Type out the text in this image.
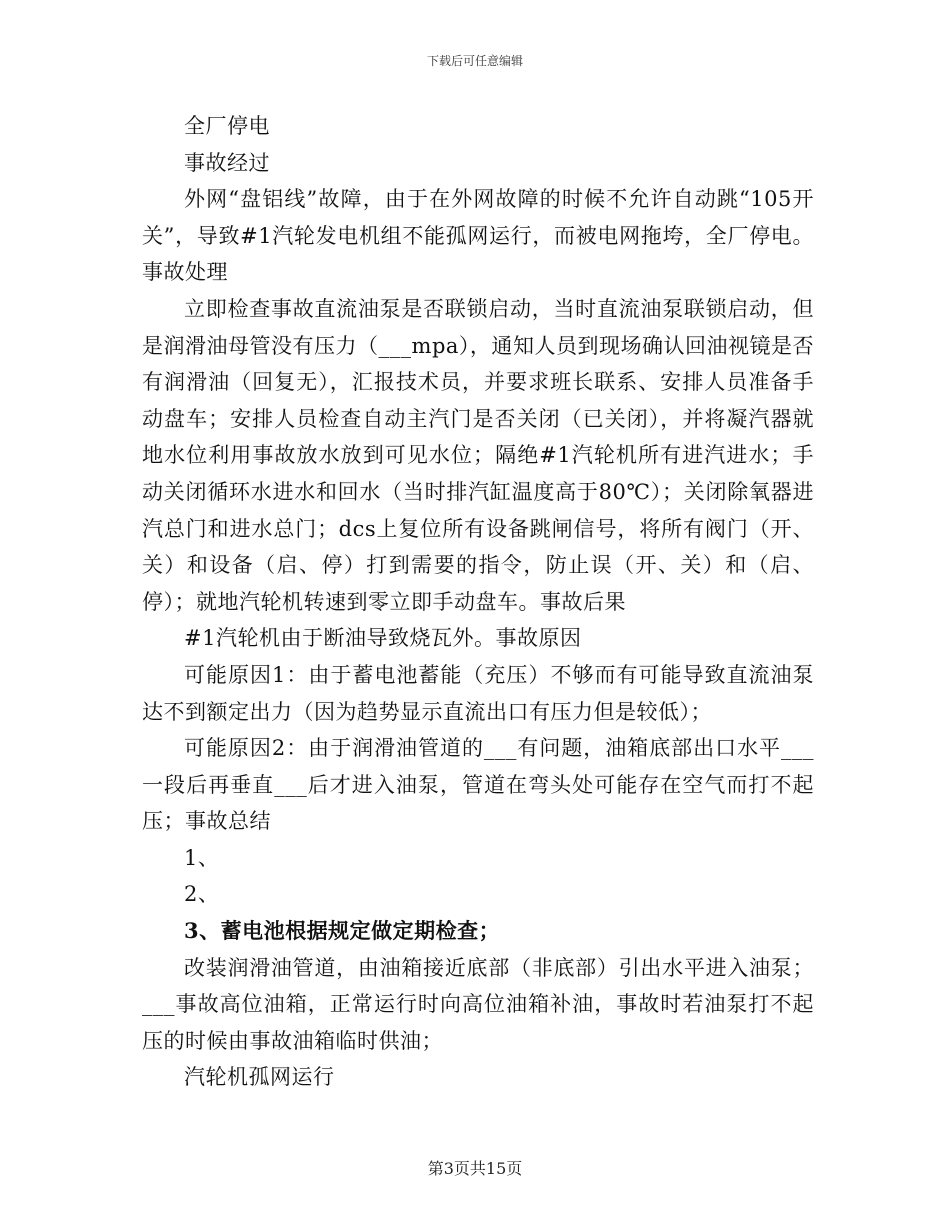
下载后可任意编辑

全厂停电

事故经过

外网“盘铝线”故障，由于在外网故障的时候不允许自动跳“105开关”，导致#1汽轮发电机组不能孤网运行，而被电网拖垮，全厂停电。事故处理

立即检查事故直流油泵是否联锁启动，当时直流油泵联锁启动，但是润滑油母管没有压力（___mpa），通知人员到现场确认回油视镜是否有润滑油（回复无），汇报技术员，并要求班长联系、安排人员准备手动盘车；安排人员检查自动主汽门是否关闭（已关闭），并将凝汽器就地水位利用事故放水放到可见水位；隔绝#1汽轮机所有进汽进水；手动关闭循环水进水和回水（当时排汽缸温度高于80℃）；关闭除氧器进汽总门和进水总门；dcs上复位所有设备跳闸信号，将所有阀门（开、关）和设备（启、停）打到需要的指令，防止误（开、关）和（启、停）；就地汽轮机转速到零立即手动盘车。事故后果

#1汽轮机由于断油导致烧瓦外。事故原因

可能原因1：由于蓄电池蓄能（充压）不够而有可能导致直流油泵达不到额定出力（因为趋势显示直流出口有压力但是较低）；

可能原因2：由于润滑油管道的___有问题，油箱底部出口水平___一段后再垂直___后才进入油泵，管道在弯头处可能存在空气而打不起压；事故总结

1、

2、

3、蓄电池根据规定做定期检查；

改装润滑油管道，由油箱接近底部（非底部）引出水平进入油泵；___事故高位油箱，正常运行时向高位油箱补油，事故时若油泵打不起压的时候由事故油箱临时供油；

汽轮机孤网运行

第3页共15页
